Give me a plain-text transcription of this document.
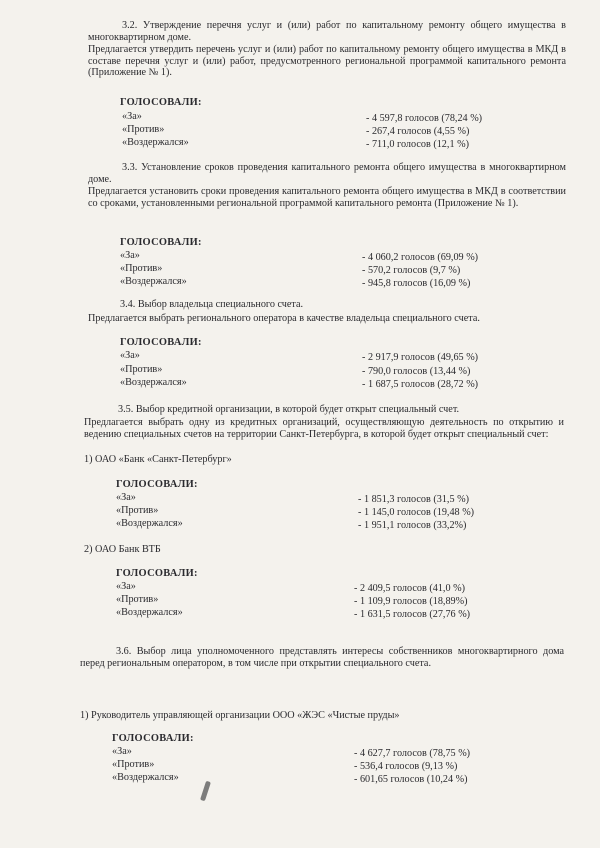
3.2. Утверждение перечня услуг и (или) работ по капитальному ремонту общего имущества в многоквартирном доме.

Предлагается утвердить перечень услуг и (или) работ по капитальному ремонту общего имущества в МКД в составе перечня услуг и (или) работ, предусмотренного региональной программой капитального ремонта (Приложение № 1).

ГОЛОСОВАЛИ:

«За»

«Против»

«Воздержался»

- 4 597,8 голосов (78,24 %)

- 267,4 голосов (4,55 %)

- 711,0 голосов (12,1 %)

3.3. Установление сроков проведения капитального ремонта общего имущества в многоквартирном доме.

Предлагается установить сроки проведения капитального ремонта общего имущества в МКД в соответствии со сроками, установленными региональной программой капитального ремонта (Приложение № 1).

ГОЛОСОВАЛИ:

«За»

«Против»

«Воздержался»

- 4 060,2 голосов (69,09 %)

- 570,2 голосов (9,7 %)

- 945,8 голосов (16,09 %)

3.4. Выбор владельца специального счета.

Предлагается выбрать регионального оператора в качестве владельца специального счета.

ГОЛОСОВАЛИ:

«За»

«Против»

«Воздержался»

- 2 917,9 голосов (49,65 %)

- 790,0 голосов (13,44 %)

- 1 687,5 голосов (28,72 %)

3.5. Выбор кредитной организации, в которой будет открыт специальный счет.

Предлагается выбрать одну из кредитных организаций, осуществляющую деятельность по открытию и ведению специальных счетов на территории Санкт-Петербурга, в которой будет открыт специальный счет:

1) ОАО «Банк «Санкт-Петербург»

ГОЛОСОВАЛИ:

«За»

«Против»

«Воздержался»

- 1 851,3 голосов (31,5 %)

- 1 145,0 голосов (19,48 %)

- 1 951,1 голосов (33,2%)

2) ОАО Банк ВТБ

ГОЛОСОВАЛИ:

«За»

«Против»

«Воздержался»

- 2 409,5 голосов (41,0 %)

- 1 109,9 голосов (18,89%)

- 1 631,5 голосов (27,76 %)

3.6. Выбор лица уполномоченного представлять интересы собственников многоквартирного дома перед региональным оператором, в том числе при открытии специального счета.

1) Руководитель управляющей организации ООО «ЖЭС «Чистые пруды»

ГОЛОСОВАЛИ:

«За»

«Против»

«Воздержался»

- 4 627,7 голосов (78,75 %)

- 536,4 голосов (9,13 %)

- 601,65 голосов (10,24 %)
